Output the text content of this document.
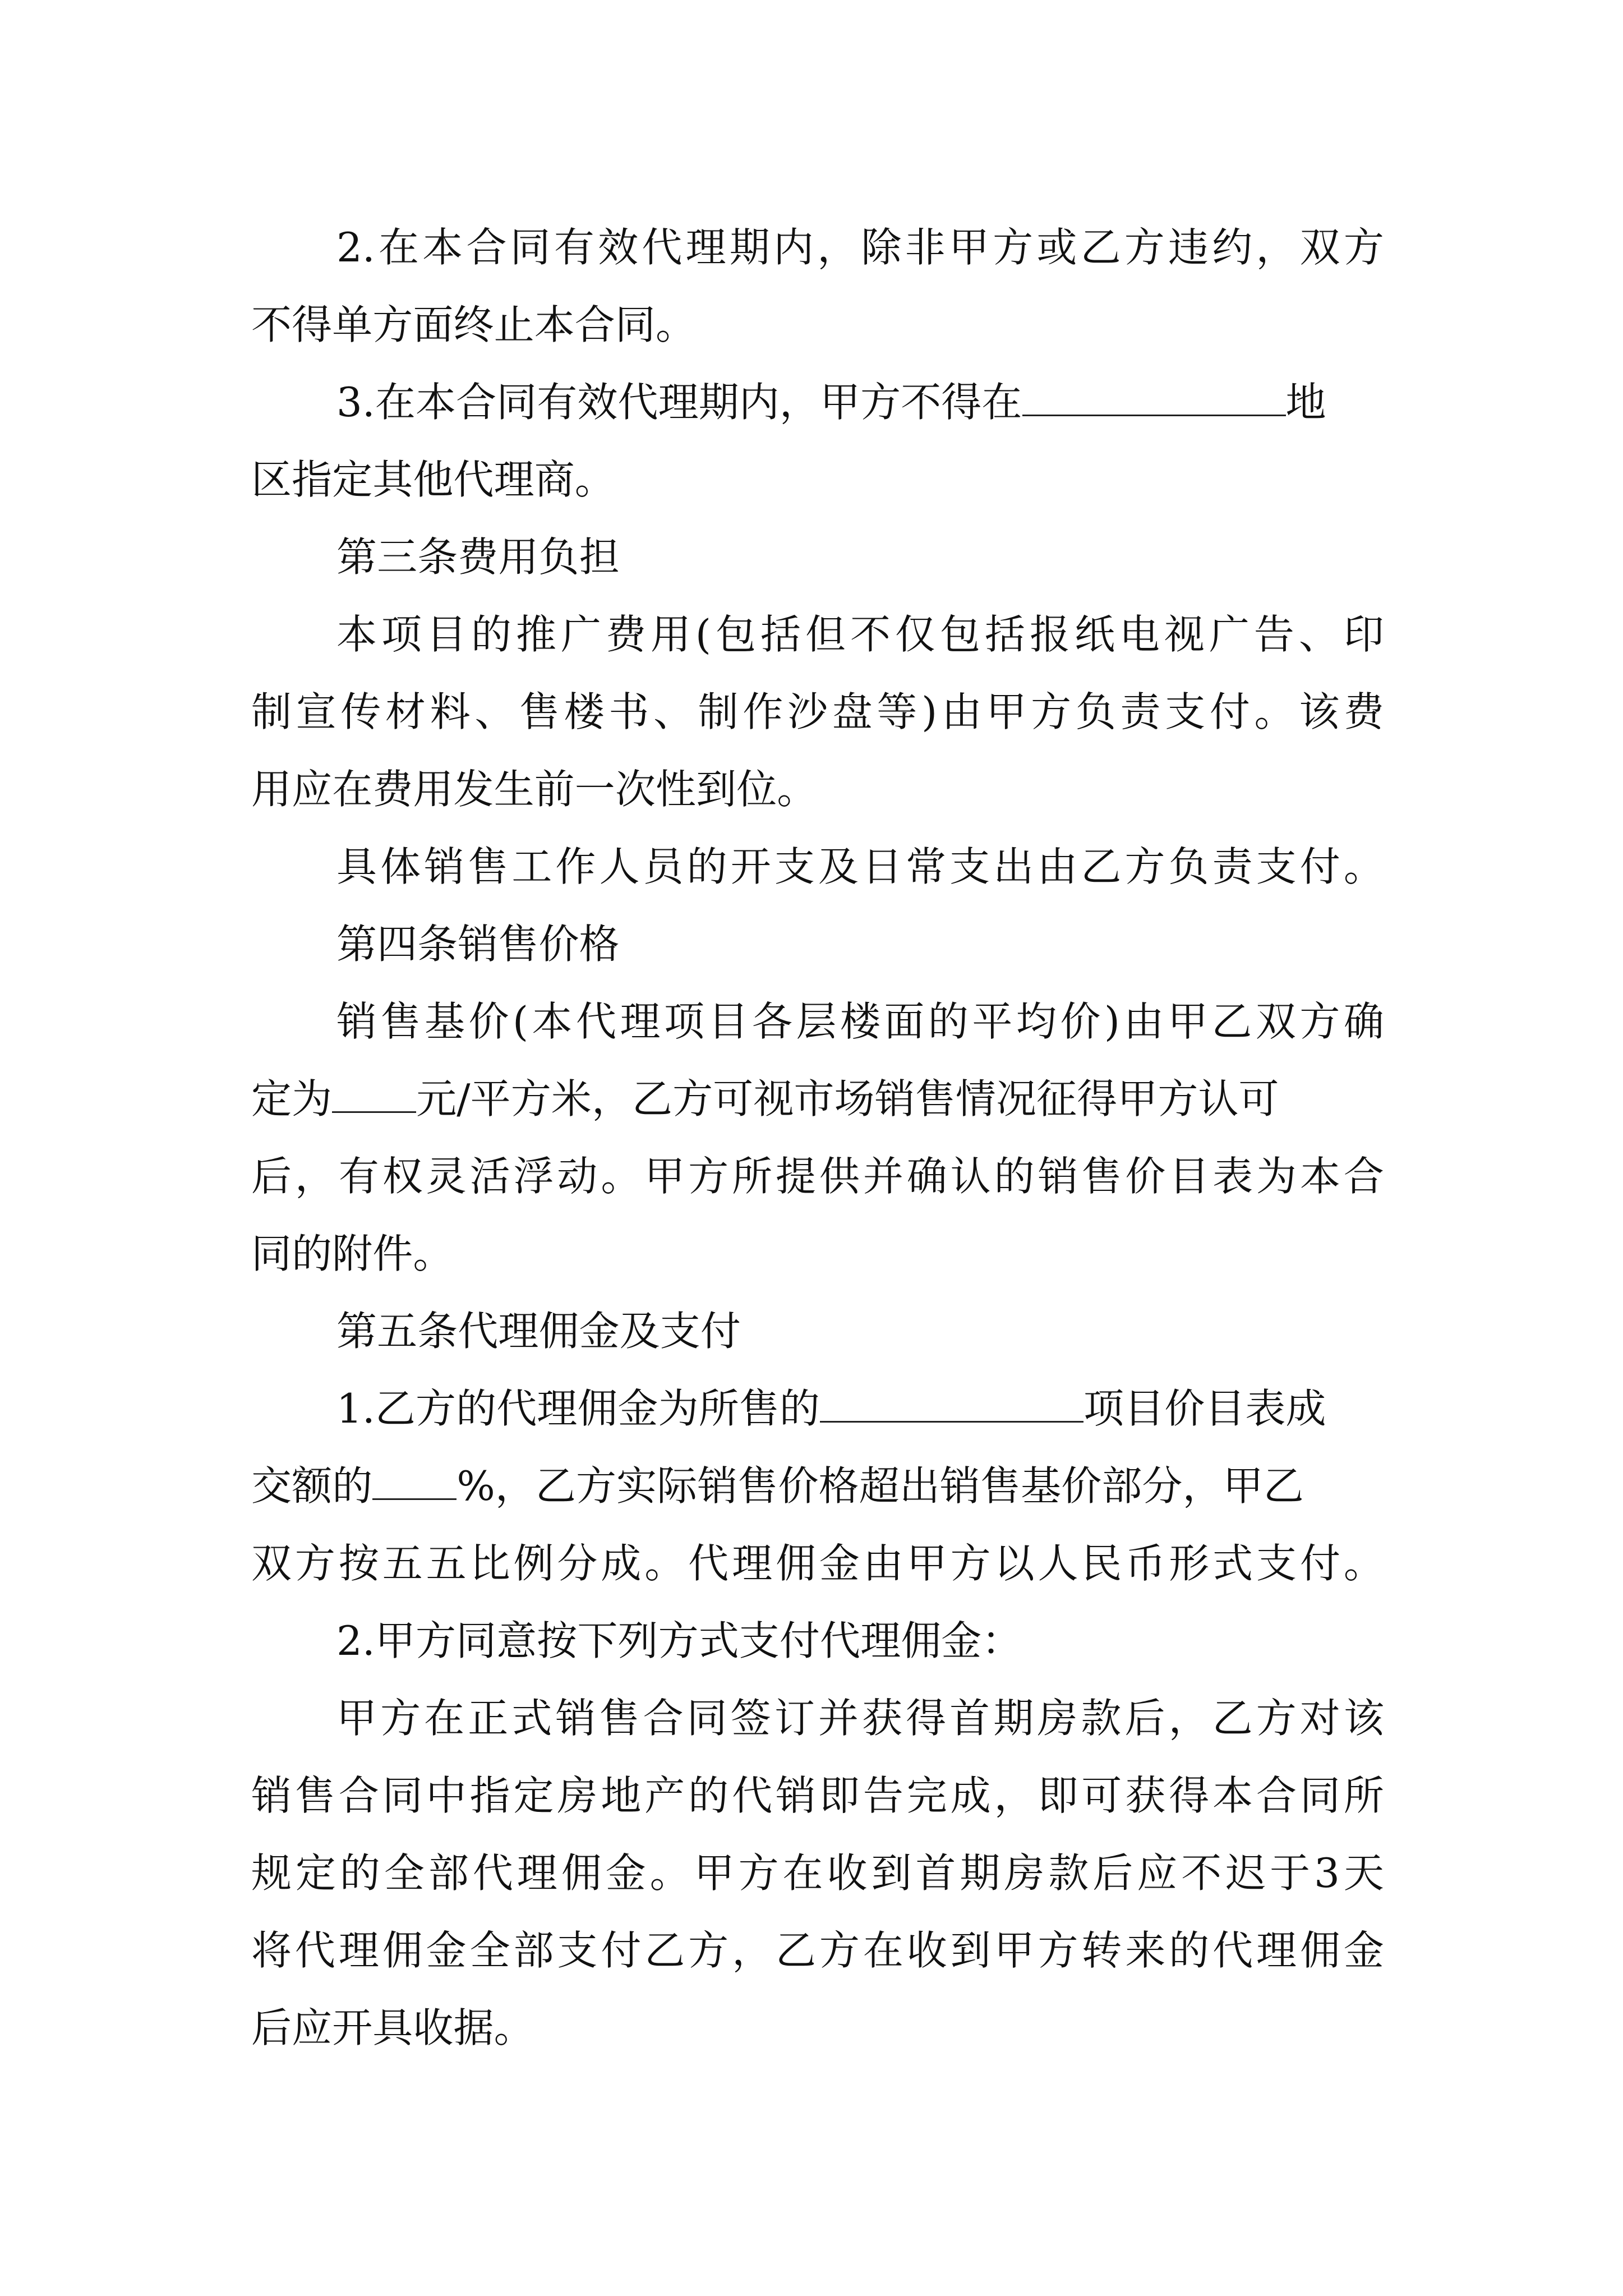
2.在本合同有效代理期内，除非甲方或乙方违约，双方
不得单方面终止本合同。
3.在本合同有效代理期内，甲方不得在	地
区指定其他代理商。
第三条费用负担
本项目的推广费用(包括但不仅包括报纸电视广告、印
制宣传材料、售楼书、制作沙盘等)由甲方负责支付。该费
用应在费用发生前一次性到位。
具体销售工作人员的开支及日常支出由乙方负责支付。
第四条销售价格
销售基价(本代理项目各层楼面的平均价)由甲乙双方确
定为 元/平方米，乙方可视市场销售情况征得甲方认可
后，有权灵活浮动。甲方所提供并确认的销售价目表为本合
同的附件。
第五条代理佣金及支付
1.乙方的代理佣金为所售的	项目价目表成
交额的 %，乙方实际销售价格超出销售基价部分，甲乙
双方按五五比例分成。代理佣金由甲方以人民币形式支付。
2.甲方同意按下列方式支付代理佣金：
甲方在正式销售合同签订并获得首期房款后，乙方对该
销售合同中指定房地产的代销即告完成，即可获得本合同所
规定的全部代理佣金。甲方在收到首期房款后应不迟于3天
将代理佣金全部支付乙方，乙方在收到甲方转来的代理佣金
后应开具收据。
